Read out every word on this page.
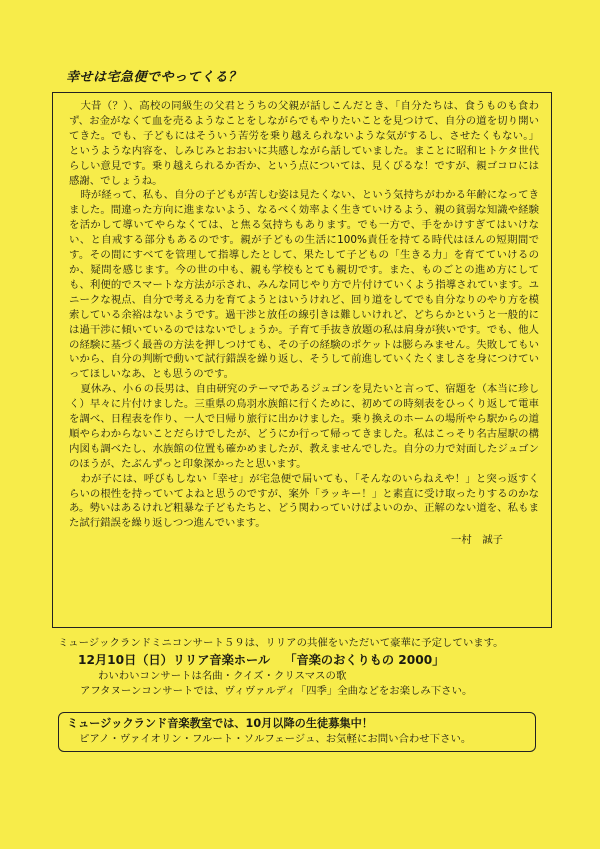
幸せは宅急便でやってくる？

大昔（？）、高校の同級生の父君とうちの父親が話しこんだとき、「自分たちは、食うものも食わず、お金がなくて血を売るようなことをしながらでもやりたいことを見つけて、自分の道を切り開いてきた。でも、子どもにはそういう苦労を乗り越えられないような気がするし、させたくもない。」というような内容を、しみじみとおおいに共感しながら話していました。まことに昭和ヒトケタ世代らしい意見です。乗り越えられるか否か、という点については、見くびるな！ですが、親ゴコロには感謝、でしょうね。

時が経って、私も、自分の子どもが苦しむ姿は見たくない、という気持ちがわかる年齢になってきました。間違った方向に進まないよう、なるべく効率よく生きていけるよう、親の貧弱な知識や経験を活かして導いてやらなくては、と焦る気持ちもあります。でも一方で、手をかけすぎてはいけない、と自戒する部分もあるのです。親が子どもの生活に100%責任を持てる時代はほんの短期間です。その間にすべてを管理して指導したとして、果たして子どもの「生きる力」を育てていけるのか、疑問を感じます。今の世の中も、親も学校もとても親切です。また、ものごとの進め方にしても、利便的でスマートな方法が示され、みんな同じやり方で片付けていくよう指導されています。ユニークな視点、自分で考える力を育てようとはいうけれど、回り道をしてでも自分なりのやり方を模索している余裕はないようです。過干渉と放任の線引きは難しいけれど、どちらかというと一般的には過干渉に傾いているのではないでしょうか。子育て手抜き放題の私は肩身が狭いです。でも、他人の経験に基づく最善の方法を押しつけても、その子の経験のポケットは膨らみません。失敗してもいいから、自分の判断で動いて試行錯誤を繰り返し、そうして前進していくたくましさを身につけていってほしいなあ、とも思うのです。

夏休み、小６の長男は、自由研究のテーマであるジュゴンを見たいと言って、宿題を（本当に珍しく）早々に片付けました。三重県の鳥羽水族館に行くために、初めての時刻表をひっくり返して電車を調べ、日程表を作り、一人で日帰り旅行に出かけました。乗り換えのホームの場所やら駅からの道順やらわからないことだらけでしたが、どうにか行って帰ってきました。私はこっそり名古屋駅の構内図も調べたし、水族館の位置も確かめましたが、教えませんでした。自分の力で対面したジュゴンのほうが、たぶんずっと印象深かったと思います。

わが子には、呼びもしない「幸せ」が宅急便で届いても、「そんなのいらねえや！」と突っ返すくらいの根性を持っていてよねと思うのですが、案外「ラッキー！」と素直に受け取ったりするのかなあ。勢いはあるけれど粗暴な子どもたちと、どう関わっていけばよいのか、正解のない道を、私もまた試行錯誤を繰り返しつつ進んでいます。

一村　誠子

ミュージックランドミニコンサート５９は、リリアの共催をいただいて豪華に予定しています。

12月10日（日）リリア音楽ホール 「音楽のおくりもの 2000」

わいわいコンサートは名曲・クイズ・クリスマスの歌

アフタヌーンコンサートでは、ヴィヴァルディ「四季」全曲などをお楽しみ下さい。

ミュージックランド音楽教室では、10月以降の生徒募集中！

ピアノ・ヴァイオリン・フルート・ソルフェージュ、お気軽にお問い合わせ下さい。
